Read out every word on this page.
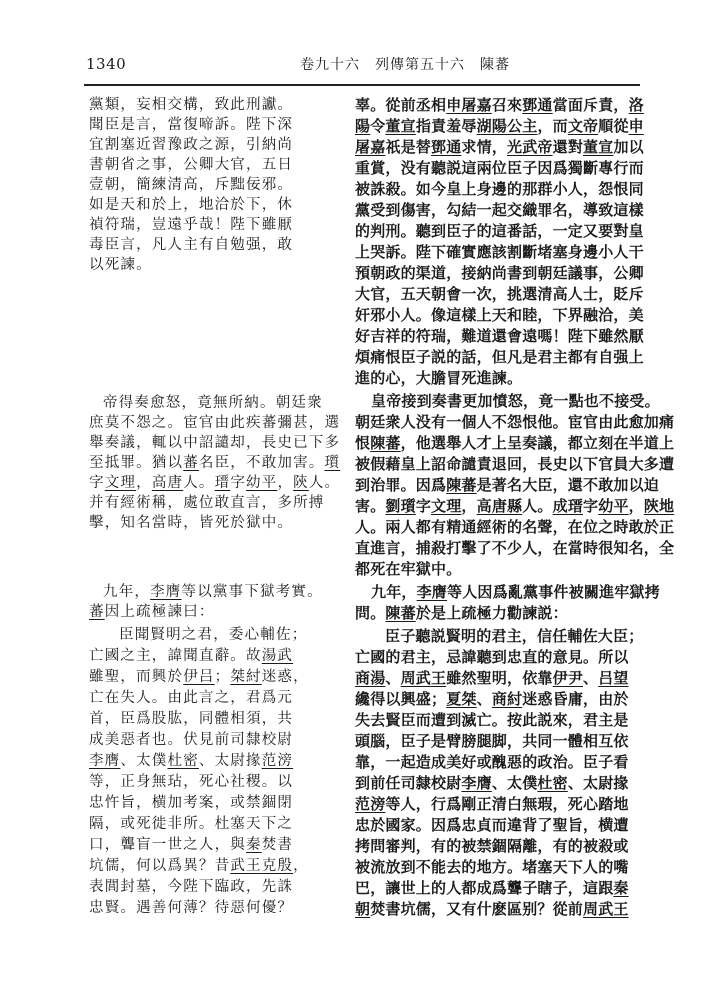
1340	卷九十六　列傳第五十六　陳蕃
黨類，妄相交構，致此刑讞。
聞臣是言，當復啼訴。陛下深
宜割塞近習豫政之源，引納尚
書朝省之事，公卿大官，五日
壹朝，簡練清高，斥黜佞邪。
如是天和於上，地洽於下，休
禎符瑞，豈遠乎哉！陛下雖厭
毒臣言，凡人主有自勉强，敢
以死諫。
帝得奏愈怒，竟無所納。朝廷衆
庶莫不怨之。宦官由此疾蕃彌甚，選
舉奏議，輒以中詔譴却，長史已下多
至抵罪。猶以蕃名臣，不敢加害。瓆
字文理，高唐人。瑨字幼平，陝人。
并有經術稱，處位敢直言，多所搏
擊，知名當時，皆死於獄中。
九年，李膺等以黨事下獄考實。
蕃因上疏極諫曰：
臣聞賢明之君，委心輔佐；
亡國之主，諱聞直辭。故湯武
雖聖，而興於伊吕；桀紂迷惑，
亡在失人。由此言之，君爲元
首，臣爲股肱，同體相須，共
成美惡者也。伏見前司隸校尉
李膺、太僕杜密、太尉掾范滂
等，正身無玷，死心社稷。以
忠忤旨，横加考案，或禁錮閉
隔，或死徙非所。杜塞天下之
口，聾盲一世之人，與秦焚書
坑儒，何以爲異？昔武王克殷，
表閭封墓，今陛下臨政，先誅
忠賢。遇善何薄？待惡何優？
辜。從前丞相申屠嘉召來鄧通當面斥責，洛
陽令董宣指責羞辱湖陽公主，而文帝順從申
屠嘉祇是替鄧通求情，光武帝還對董宣加以
重賞，没有聽説這兩位臣子因爲獨斷專行而
被誅殺。如今皇上身邊的那群小人，怨恨同
黨受到傷害，勾結一起交織罪名，導致這樣
的判刑。聽到臣子的這番話，一定又要對皇
上哭訴。陛下確實應該割斷堵塞身邊小人干
預朝政的渠道，接納尚書到朝廷議事，公卿
大官，五天朝會一次，挑選清高人士，貶斥
奸邪小人。像這樣上天和睦，下界融洽，美
好吉祥的符瑞，難道還會遠嗎！陛下雖然厭
煩痛恨臣子説的話，但凡是君主都有自强上
進的心，大膽冒死進諫。
皇帝接到奏書更加憤怒，竟一點也不接受。
朝廷衆人没有一個人不怨恨他。宦官由此愈加痛
恨陳蕃，他選舉人才上呈奏議，都立刻在半道上
被假藉皇上詔命譴責退回，長史以下官員大多遭
到治罪。因爲陳蕃是著名大臣，還不敢加以迫
害。劉瓆字文理，高唐縣人。成瑨字幼平，陝地
人。兩人都有精通經術的名聲，在位之時敢於正
直進言，捕殺打擊了不少人，在當時很知名，全
都死在牢獄中。
九年，李膺等人因爲亂黨事件被關進牢獄拷
問。陳蕃於是上疏極力勸諫説：
臣子聽説賢明的君主，信任輔佐大臣；
亡國的君主，忌諱聽到忠直的意見。所以
商湯、周武王雖然聖明，依靠伊尹、吕望
纔得以興盛；夏桀、商紂迷惑昏庸，由於
失去賢臣而遭到滅亡。按此説來，君主是
頭腦，臣子是臂膀腿脚，共同一體相互依
靠，一起造成美好或醜惡的政治。臣子看
到前任司隸校尉李膺、太僕杜密、太尉掾
范滂等人，行爲剛正清白無瑕，死心踏地
忠於國家。因爲忠貞而違背了聖旨，横遭
拷問審判，有的被禁錮隔離，有的被殺或
被流放到不能去的地方。堵塞天下人的嘴
巴，讓世上的人都成爲聾子瞎子，這跟秦
朝焚書坑儒，又有什麽區别？從前周武王
